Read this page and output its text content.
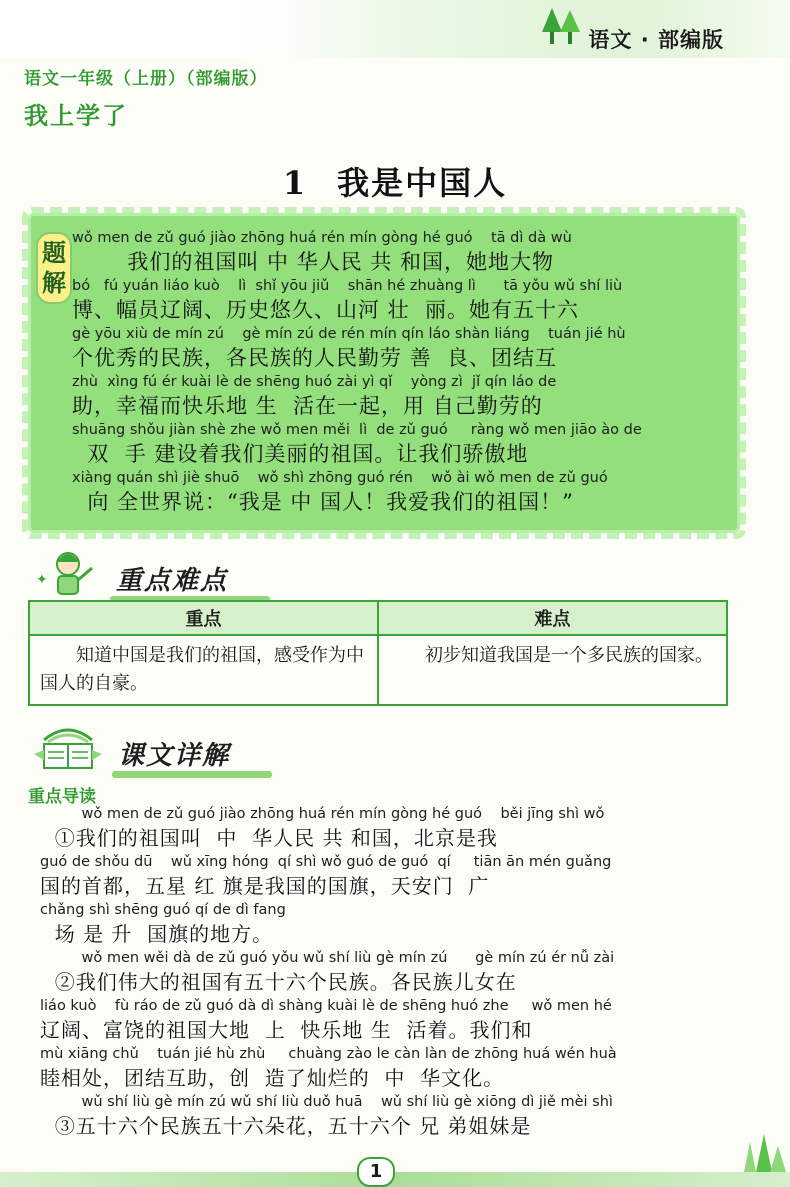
语文 · 部编版
语文一年级（上册）（部编版）
我上学了
1 我是中国人
题
解
wǒ men de zǔ guó jiào zhōng huá rén mín gòng hé guó    tā dì dà wù
我们的祖国叫 中 华人民 共 和国，她地大物
bó   fú yuán liáo kuò    lì  shǐ yōu jiǔ    shān hé zhuàng lì      tā yǒu wǔ shí liù
博、幅员辽阔、历史悠久、山河 壮  丽。她有五十六
gè yōu xiù de mín zú    gè mín zú de rén mín qín láo shàn liáng    tuán jié hù
个优秀的民族，各民族的人民勤劳 善  良、团结互
zhù  xìng fú ér kuài lè de shēng huó zài yì qǐ    yòng zì  jǐ qín láo de
助，幸福而快乐地 生  活在一起，用 自己勤劳的
shuāng shǒu jiàn shè zhe wǒ men měi  lì  de zǔ guó     ràng wǒ men jiāo ào de
双  手 建设着我们美丽的祖国。让我们骄傲地
xiàng quán shì jiè shuō    wǒ shì zhōng guó rén    wǒ ài wǒ men de zǔ guó
向 全世界说：“我是 中 国人！我爱我们的祖国！”
✦	重点难点
重点	难点
知道中国是我们的祖国，感受作为中国人的自豪。	初步知道我国是一个多民族的国家。
课文详解
重点导读
wǒ men de zǔ guó jiào zhōng huá rén mín gòng hé guó    běi jīng shì wǒ
①我们的祖国叫  中  华人民 共 和国，北京是我
guó de shǒu dū    wǔ xīng hóng  qí shì wǒ guó de guó  qí     tiān ān mén guǎng
国的首都，五星 红 旗是我国的国旗，天安门  广
chǎng shì shēng guó qí de dì fang
场 是 升  国旗的地方。
wǒ men wěi dà de zǔ guó yǒu wǔ shí liù gè mín zú      gè mín zú ér nǚ zài
②我们伟大的祖国有五十六个民族。各民族儿女在
liáo kuò    fù ráo de zǔ guó dà dì shàng kuài lè de shēng huó zhe     wǒ men hé
辽阔、富饶的祖国大地  上  快乐地 生  活着。我们和
mù xiāng chǔ    tuán jié hù zhù     chuàng zào le càn làn de zhōng huá wén huà
睦相处，团结互助，创  造了灿烂的  中  华文化。
wǔ shí liù gè mín zú wǔ shí liù duǒ huā    wǔ shí liù gè xiōng dì jiě mèi shì
③五十六个民族五十六朵花，五十六个 兄 弟姐妹是
1
